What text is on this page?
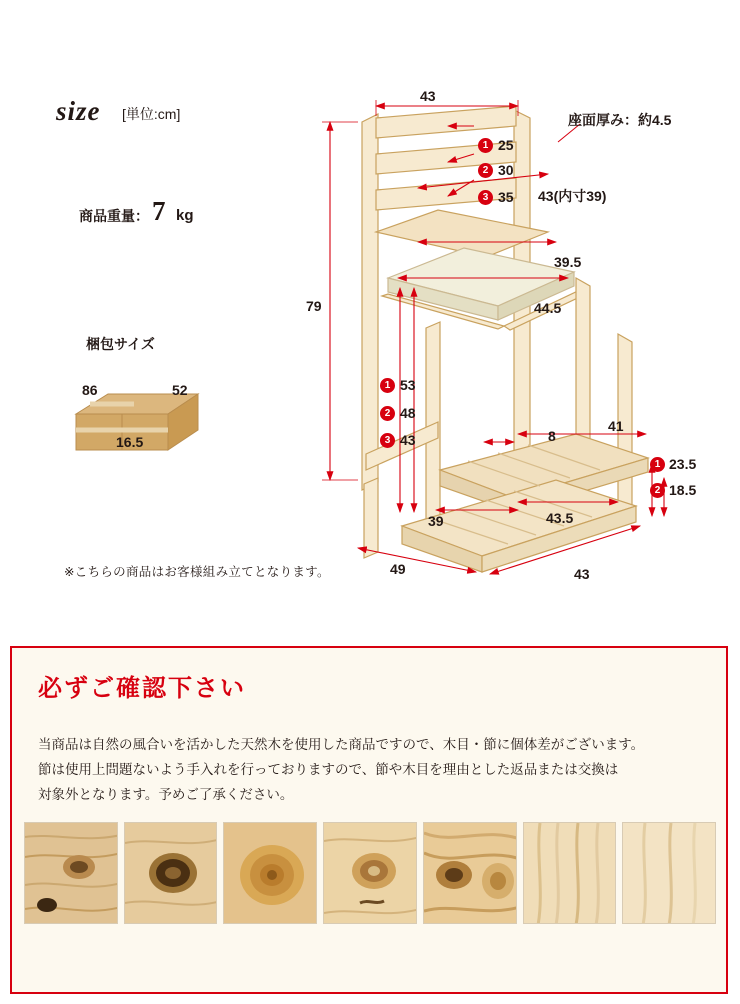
size [単位:cm]
商品重量： 7 kg
梱包サイズ
86	52
16.5
※こちらの商品はお客様組み立てとなります。
43
79
1 25
2 30
3 35 43(内寸39)
39.5
44.5
座面厚み：約4.5
1 53
2 48
3 43	8
41
1 23.5
2 18.5
39	43.5
49	43
必ずご確認下さい
当商品は自然の風合いを活かした天然木を使用した商品ですので、木目・節に個体差がございます。
節は使用上問題ないよう手入れを行っておりますので、節や木目を理由とした返品または交換は
対象外となります。予めご了承ください。
